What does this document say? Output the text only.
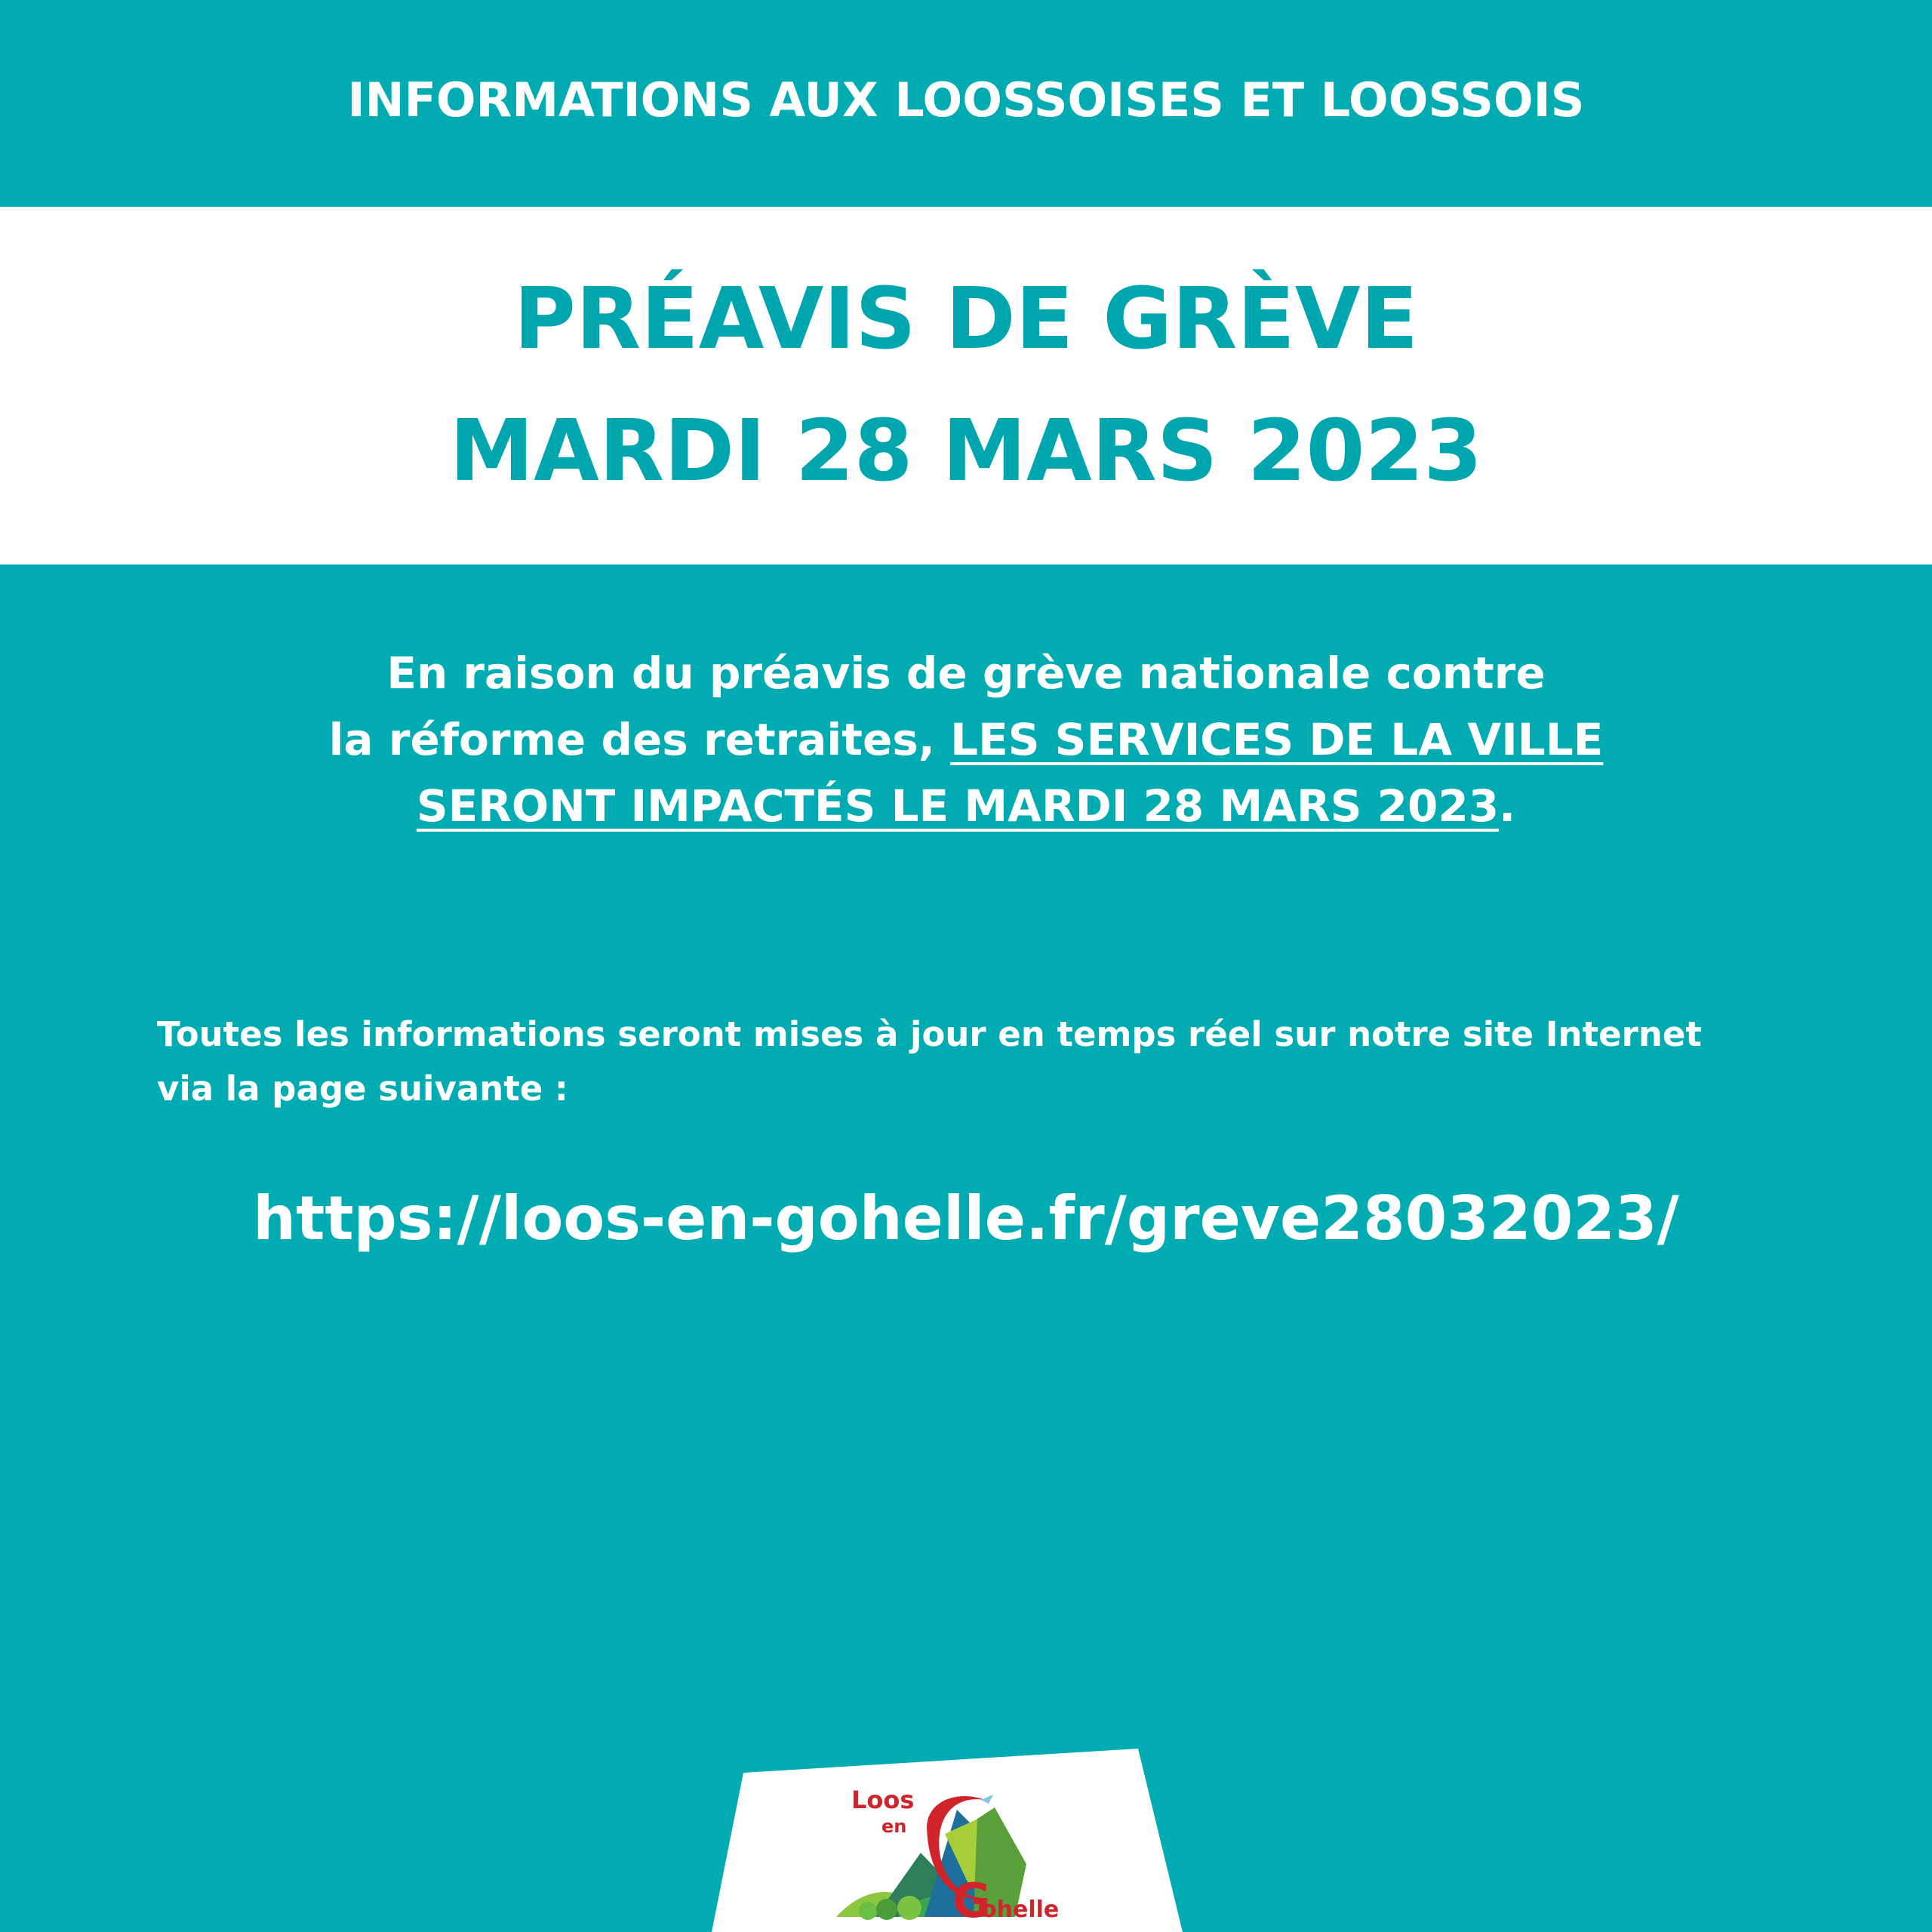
INFORMATIONS AUX LOOSSOISES ET LOOSSOIS
PRÉAVIS DE GRÈVE
MARDI 28 MARS 2023
En raison du préavis de grève nationale contre
la réforme des retraites, LES SERVICES DE LA VILLE
SERONT IMPACTÉS LE MARDI 28 MARS 2023.
Toutes les informations seront mises à jour en temps réel sur notre site Internet
via la page suivante :
https://loos-en-gohelle.fr/greve28032023/
Loos
en
G
ohelle
